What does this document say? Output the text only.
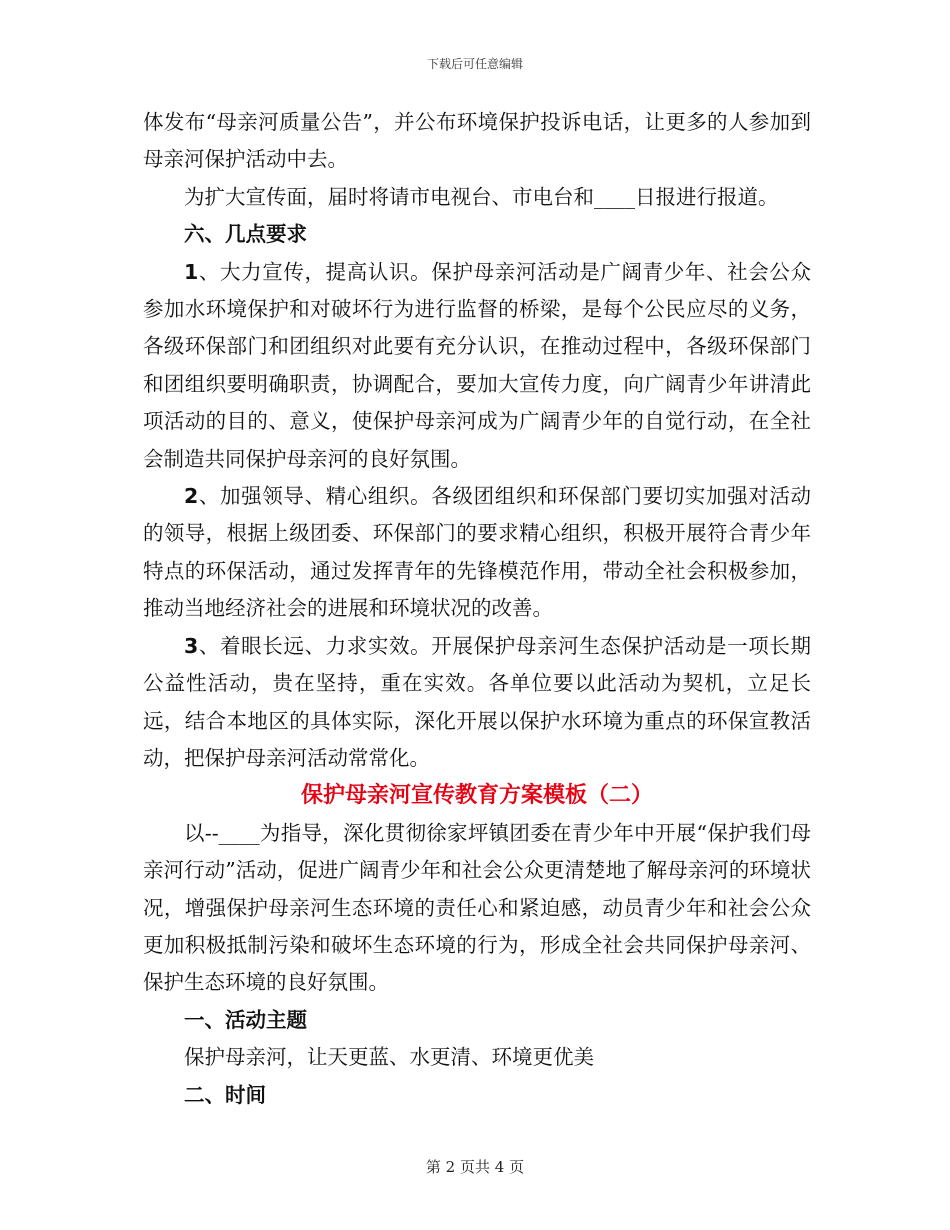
下载后可任意编辑

体发布“母亲河质量公告”，并公布环境保护投诉电话，让更多的人参加到母亲河保护活动中去。

为扩大宣传面，届时将请市电视台、市电台和____日报进行报道。

六、几点要求

1、大力宣传，提高认识。保护母亲河活动是广阔青少年、社会公众参加水环境保护和对破坏行为进行监督的桥梁，是每个公民应尽的义务，各级环保部门和团组织对此要有充分认识，在推动过程中，各级环保部门和团组织要明确职责，协调配合，要加大宣传力度，向广阔青少年讲清此项活动的目的、意义，使保护母亲河成为广阔青少年的自觉行动，在全社会制造共同保护母亲河的良好氛围。

2、加强领导、精心组织。各级团组织和环保部门要切实加强对活动的领导，根据上级团委、环保部门的要求精心组织，积极开展符合青少年特点的环保活动，通过发挥青年的先锋模范作用，带动全社会积极参加，推动当地经济社会的进展和环境状况的改善。

3、着眼长远、力求实效。开展保护母亲河生态保护活动是一项长期公益性活动，贵在坚持，重在实效。各单位要以此活动为契机，立足长远，结合本地区的具体实际，深化开展以保护水环境为重点的环保宣教活动，把保护母亲河活动常常化。

保护母亲河宣传教育方案模板（二）

以--____为指导，深化贯彻徐家坪镇团委在青少年中开展“保护我们母亲河行动”活动，促进广阔青少年和社会公众更清楚地了解母亲河的环境状况，增强保护母亲河生态环境的责任心和紧迫感，动员青少年和社会公众更加积极抵制污染和破坏生态环境的行为，形成全社会共同保护母亲河、保护生态环境的良好氛围。

一、活动主题

保护母亲河，让天更蓝、水更清、环境更优美

二、时间

第 2 页共 4 页
